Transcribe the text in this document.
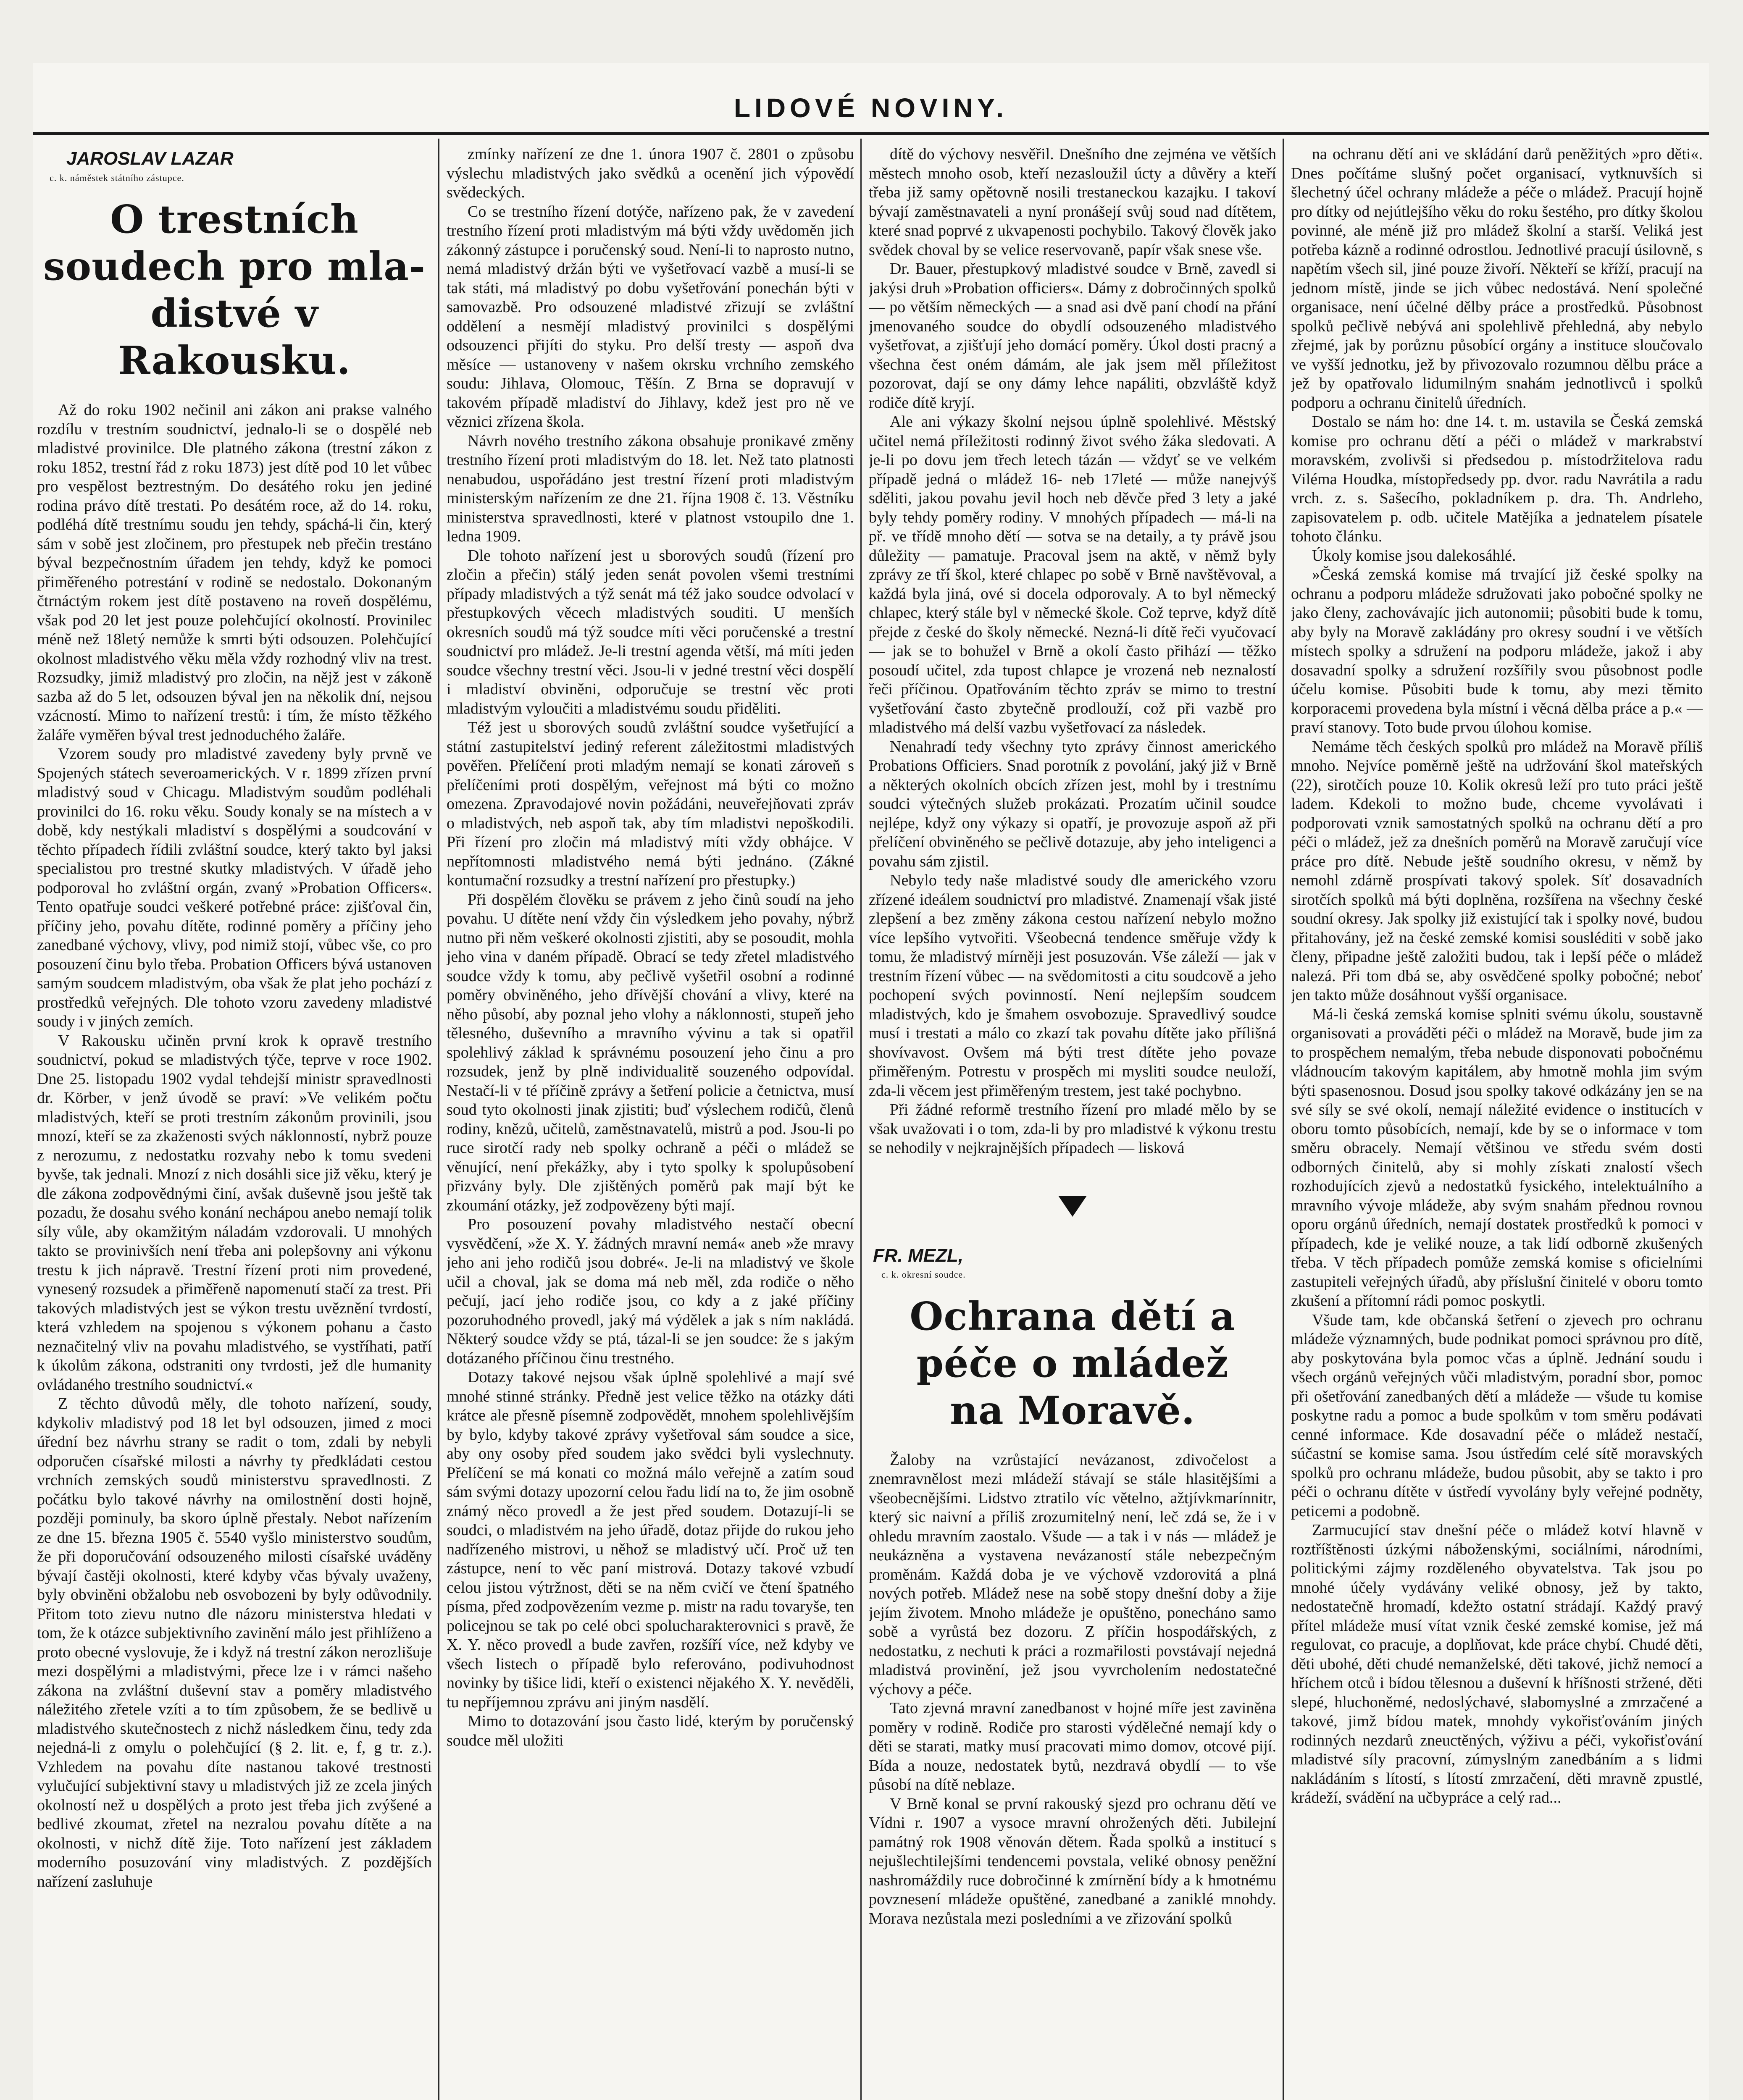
LIDOVÉ NOVINY.
JAROSLAV LAZAR
c. k. náměstek státního zástupce.
O trestních soudech pro mla-
distvé v Rakousku.

Až do roku 1902 nečinil ani zákon ani prakse valného rozdílu v trestním soudnictví, jednalo-li se o dospělé neb mladistvé provinilce. Dle platného zákona (trestní zákon z roku 1852, trestní řád z roku 1873) jest dítě pod 10 let vůbec pro vespělost beztrestným. Do desátého roku jen jediné rodina právo dítě trestati. Po desátém roce, až do 14. roku, podléhá dítě trestnímu soudu jen tehdy, spáchá-li čin, který sám v sobě jest zločinem, pro přestupek neb přečin trestáno býval bezpečnostním úřadem jen tehdy, když ke pomoci přiměřeného potrestání v rodině se nedostalo. Dokonaným čtrnáctým rokem jest dítě postaveno na roveň dospělému, však pod 20 let jest pouze polehčující okolností. Provinilec méně než 18letý nemůže k smrti býti odsouzen. Polehčující okolnost mladistvého věku měla vždy rozhodný vliv na trest. Rozsudky, jimiž mladistvý pro zločin, na nějž jest v zákoně sazba až do 5 let, odsouzen býval jen na několik dní, nejsou vzácností. Mimo to nařízení trestů: i tím, že místo těžkého žaláře vyměřen býval trest jednoduchého žaláře.

Vzorem soudy pro mladistvé zavedeny byly prvně ve Spojených státech severoamerických. V r. 1899 zřízen první mladistvý soud v Chicagu. Mladistvým soudům podléhali provinilci do 16. roku věku. Soudy konaly se na místech a v době, kdy nestýkali mladiství s dospělými a soudcování v těchto případech řídili zvláštní soudce, který takto byl jaksi specialistou pro trestné skutky mladistvých. V úřadě jeho podporoval ho zvláštní orgán, zvaný »Probation Officers«. Tento opatřuje soudci veškeré potřebné práce: zjišťoval čin, příčiny jeho, povahu dítěte, rodinné poměry a příčiny jeho zanedbané výchovy, vlivy, pod nimiž stojí, vůbec vše, co pro posouzení činu bylo třeba. Probation Officers bývá ustanoven samým soudcem mladistvým, oba však že plat jeho pochází z prostředků veřejných. Dle tohoto vzoru zavedeny mladistvé soudy i v jiných zemích.

V Rakousku učiněn první krok k opravě trestního soudnictví, pokud se mladistvých týče, teprve v roce 1902. Dne 25. listopadu 1902 vydal tehdejší ministr spravedlnosti dr. Körber, v jenž úvodě se praví: »Ve velikém počtu mladistvých, kteří se proti trestním zákonům provinili, jsou mnozí, kteří se za zkaženosti svých náklonností, nybrž pouze z nerozumu, z nedostatku rozvahy nebo k tomu svedeni byvše, tak jednali. Mnozí z nich dosáhli sice již věku, který je dle zákona zodpovědnými činí, avšak duševně jsou ještě tak pozadu, že dosahu svého konání nechápou anebo nemají tolik síly vůle, aby okamžitým náladám vzdorovali. U mnohých takto se provinivších není třeba ani polepšovny ani výkonu trestu k jich nápravě. Trestní řízení proti nim provedené, vynesený rozsudek a přiměřeně napomenutí stačí za trest. Při takových mladistvých jest se výkon trestu uvěznění tvrdostí, která vzhledem na spojenou s výkonem pohanu a často neznačitelný vliv na povahu mladistvého, se vystříhati, patří k úkolům zákona, odstraniti ony tvrdosti, jež dle humanity ovládaného trestního soudnictví.«

Z těchto důvodů měly, dle tohoto nařízení, soudy, kdykoliv mladistvý pod 18 let byl odsouzen, jimed z moci úřední bez návrhu strany se radit o tom, zdali by nebyli odporučen císařské milosti a návrhy ty předkládati cestou vrchních zemských soudů ministerstvu spravedlnosti. Z počátku bylo takové návrhy na omilostnění dosti hojně, později pominuly, ba skoro úplně přestaly. Nebot nařízením ze dne 15. března 1905 č. 5540 vyšlo ministerstvo soudům, že při doporučování odsouzeného milosti císařské uváděny bývají častěji okolnosti, které kdyby včas bývaly uvaženy, byly obviněni obžalobu neb osvobozeni by byly odůvodnily. Přitom toto zievu nutno dle názoru ministerstva hledati v tom, že k otázce subjektivního zavinění málo jest přihlíženo a proto obecné vyslovuje, že i když ná trestní zákon nerozlišuje mezi dospělými a mladistvými, přece lze i v rámci našeho zákona na zvláštní duševní stav a poměry mladistvého náležitého zřetele vzíti a to tím způsobem, že se bedlivě u mladistvého skutečnostech z nichž následkem činu, tedy zda nejedná-li z omylu o polehčující (§ 2. lit. e, f, g tr. z.). Vzhledem na povahu díte nastanou takové trestnosti vylučující subjektivní stavy u mladistvých již ze zcela jiných okolností než u dospělých a proto jest třeba jich zvýšené a bedlivé zkoumat, zřetel na nezralou povahu dítěte a na okolnosti, v nichž dítě žije. Toto nařízení jest základem moderního posuzování viny mladistvých. Z pozdějších nařízení zasluhuje

zmínky nařízení ze dne 1. února 1907 č. 2801 o způsobu výslechu mladistvých jako svědků a ocenění jich výpovědí svědeckých.

Co se trestního řízení dotýče, nařízeno pak, že v zavedení trestního řízení proti mladistvým má býti vždy uvědoměn jich zákonný zástupce i poručenský soud. Není-li to naprosto nutno, nemá mladistvý držán býti ve vyšetřovací vazbě a musí-li se tak státi, má mladistvý po dobu vyšetřování ponechán býti v samovazbě. Pro odsouzené mladistvé zřizují se zvláštní oddělení a nesmějí mladistvý provinilci s dospělými odsouzenci přijíti do styku. Pro delší tresty — aspoň dva měsíce — ustanoveny v našem okrsku vrchního zemského soudu: Jihlava, Olomouc, Těšín. Z Brna se dopravují v takovém případě mladiství do Jihlavy, kdež jest pro ně ve věznici zřízena škola.

Návrh nového trestního zákona obsahuje pronikavé změny trestního řízení proti mladistvým do 18. let. Než tato platnosti nenabudou, uspořádáno jest trestní řízení proti mladistvým ministerským nařízením ze dne 21. října 1908 č. 13. Věstníku ministerstva spravedlnosti, které v platnost vstoupilo dne 1. ledna 1909.

Dle tohoto nařízení jest u sborových soudů (řízení pro zločin a přečin) stálý jeden senát povolen všemi trestními případy mladistvých a týž senát má též jako soudce odvolací v přestupkových věcech mladistvých souditi. U menších okresních soudů má týž soudce míti věci poručenské a trestní soudnictví pro mládež. Je-li trestní agenda větší, má míti jeden soudce všechny trestní věci. Jsou-li v jedné trestní věci dospělí i mladiství obviněni, odporučuje se trestní věc proti mladistvým vyloučiti a mladistvému soudu přiděliti.

Též jest u sborových soudů zvláštní soudce vyšetřující a státní zastupitelství jediný referent záležitostmi mladistvých pověřen. Přelíčení proti mladým nemají se konati zároveň s přelíčeními proti dospělým, veřejnost má býti co možno omezena. Zpravodajové novin požádáni, neuveřejňovati zpráv o mladistvých, neb aspoň tak, aby tím mladistvi nepoškodili. Při řízení pro zločin má mladistvý míti vždy obhájce. V nepřítomnosti mladistvého nemá býti jednáno. (Zákné kontumační rozsudky a trestní nařízení pro přestupky.)

Při dospělém člověku se právem z jeho činů soudí na jeho povahu. U dítěte není vždy čin výsledkem jeho povahy, nýbrž nutno při něm veškeré okolnosti zjistiti, aby se posoudit, mohla jeho vina v daném případě. Obrací se tedy zřetel mladistvého soudce vždy k tomu, aby pečlivě vyšetřil osobní a rodinné poměry obviněného, jeho dřívější chování a vlivy, které na něho působí, aby poznal jeho vlohy a náklonnosti, stupeň jeho tělesného, duševního a mravního vývinu a tak si opatřil spolehlivý základ k správnému posouzení jeho činu a pro rozsudek, jenž by plně individualitě souzeného odpovídal. Nestačí-li v té příčině zprávy a šetření policie a četnictva, musí soud tyto okolnosti jinak zjistiti; buď výslechem rodičů, členů rodiny, knězů, učitelů, zaměstnavatelů, mistrů a pod. Jsou-li po ruce sirotčí rady neb spolky ochraně a péči o mládež se věnující, není překážky, aby i tyto spolky k spolupůsobení přizvány byly. Dle zjištěných poměrů pak mají být ke zkoumání otázky, jež zodpovězeny býti mají.

Pro posouzení povahy mladistvého nestačí obecní vysvědčení, »že X. Y. žádných mravní nemá« aneb »že mravy jeho ani jeho rodičů jsou dobré«. Je-li na mladistvý ve škole učil a choval, jak se doma má neb měl, zda rodiče o něho pečují, jací jeho rodiče jsou, co kdy a z jaké příčiny pozoruhodného provedl, jaký má výdělek a jak s ním nakládá. Některý soudce vždy se ptá, tázal-li se jen soudce: že s jakým dotázaného příčinou činu trestného.

Dotazy takové nejsou však úplně spolehlivé a mají své mnohé stinné stránky. Předně jest velice těžko na otázky dáti krátce ale přesně písemně zodpovědět, mnohem spolehlivějším by bylo, kdyby takové zprávy vyšetřoval sám soudce a sice, aby ony osoby před soudem jako svědci byli vyslechnuty. Přelíčení se má konati co možná málo veřejně a zatím soud sám svými dotazy upozorní celou řadu lidí na to, že jim osobně známý něco provedl a že jest před soudem. Dotazují-li se soudci, o mladistvém na jeho úřadě, dotaz přijde do rukou jeho nadřízeného mistrovi, u něhož se mladistvý učí. Proč už ten zástupce, není to věc paní mistrová. Dotazy takové vzbudí celou jistou výtržnost, děti se na něm cvičí ve čtení špatného písma, před zodpovězením vezme p. mistr na radu tovaryše, ten policejnou se tak po celé obci spolucharakterovnici s pravě, že X. Y. něco provedl a bude zavřen, rozšíří více, než kdyby ve všech listech o případě bylo referováno, podivuhodnost novinky by tišice lidi, kteří o existenci nějakého X. Y. nevěděli, tu nepříjemnou zprávu ani jiným nasdělí.

Mimo to dotazování jsou často lidé, kterým by poručenský soudce měl uložiti

dítě do výchovy nesvěřil. Dnešního dne zejména ve větších městech mnoho osob, kteří nezasloužil úcty a důvěry a kteří třeba již samy opětovně nosili trestaneckou kazajku. I takoví bývají zaměstnavateli a nyní pronášejí svůj soud nad dítětem, které snad poprvé z ukvapenosti pochybilo. Takový člověk jako svědek choval by se velice reservovaně, papír však snese vše.

Dr. Bauer, přestupkový mladistvé soudce v Brně, zavedl si jakýsi druh »Probation officiers«. Dámy z dobročinných spolků — po větším německých — a snad asi dvě paní chodí na přání jmenovaného soudce do obydlí odsouzeného mladistvého vyšetřovat, a zjišťují jeho domácí poměry. Úkol dosti pracný a všechna čest oném dámám, ale jak jsem měl příležitost pozorovat, dají se ony dámy lehce napáliti, obzvláště když rodiče dítě kryjí.

Ale ani výkazy školní nejsou úplně spolehlivé. Městský učitel nemá příležitosti rodinný život svého žáka sledovati. A je-li po dovu jem třech letech tázán — vždyť se ve velkém případě jedná o mládež 16- neb 17leté — může nanejvýš sděliti, jakou povahu jevil hoch neb děvče před 3 lety a jaké byly tehdy poměry rodiny. V mnohých případech — má-li na př. ve třídě mnoho dětí — sotva se na detaily, a ty právě jsou důležity — pamatuje. Pracoval jsem na aktě, v němž byly zprávy ze tří škol, které chlapec po sobě v Brně navštěvoval, a každá byla jiná, ové si docela odporovaly. A to byl německý chlapec, který stále byl v německé škole. Což teprve, když dítě přejde z české do školy německé. Nezná-li dítě řeči vyučovací — jak se to bohužel v Brně a okolí často přihází — těžko posoudí učitel, zda tupost chlapce je vrozená neb neznalostí řeči příčinou. Opatřováním těchto zpráv se mimo to trestní vyšetřování často zbytečně prodlouží, což při vazbě pro mladistvého má delší vazbu vyšetřovací za následek.

Nenahradí tedy všechny tyto zprávy činnost amerického Probations Officiers. Snad porotník z povolání, jaký již v Brně a některých okolních obcích zřízen jest, mohl by i trestnímu soudci výtečných služeb prokázati. Prozatím učinil soudce nejlépe, když ony výkazy si opatří, je provozuje aspoň až při přelíčení obviněného se pečlivě dotazuje, aby jeho inteligenci a povahu sám zjistil.

Nebylo tedy naše mladistvé soudy dle amerického vzoru zřízené ideálem soudnictví pro mladistvé. Znamenají však jisté zlepšení a bez změny zákona cestou nařízení nebylo možno více lepšího vytvořiti. Všeobecná tendence směřuje vždy k tomu, že mladistvý mírněji jest posuzován. Vše záleží — jak v trestním řízení vůbec — na svědomitosti a citu soudcově a jeho pochopení svých povinností. Není nejlepším soudcem mladistvých, kdo je šmahem osvobozuje. Spravedlivý soudce musí i trestati a málo co zkazí tak povahu dítěte jako přílišná shovívavost. Ovšem má býti trest dítěte jeho povaze přiměřeným. Potrestu v prospěch mi mysliti soudce neuloží, zda-li věcem jest přiměřeným trestem, jest také pochybno.

Při žádné reformě trestního řízení pro mladé mělo by se však uvažovati i o tom, zda-li by pro mladistvé k výkonu trestu se nehodily v nejkrajnějších případech — lisková

FR. MEZL,
c. k. okresní soudce.
Ochrana dětí a péče o mládež
na Moravě.

Žaloby na vzrůstající nevázanost, zdivočelost a znemravnělost mezi mládeží stávají se stále hlasitějšími a všeobecnějšími. Lidstvo ztratilo víc větelno, ažtjívkmarínnitr, který sic naivní a příliš zrozumitelný není, leč zdá se, že i v ohledu mravním zaostalo. Všude — a tak i v nás — mládež je neukázněna a vystavena nevázaností stále nebezpečným proměnám. Každá doba je ve výchově vzdorovitá a plná nových potřeb. Mládež nese na sobě stopy dnešní doby a žije jejím životem. Mnoho mládeže je opuštěno, ponecháno samo sobě a vyrůstá bez dozoru. Z příčin hospodářských, z nedostatku, z nechuti k práci a rozmařilosti povstávají nejedná mladistvá provinění, jež jsou vyvrcholením nedostatečné výchovy a péče.

Tato zjevná mravní zanedbanost v hojné míře jest zaviněna poměry v rodině. Rodiče pro starosti výdělečné nemají kdy o děti se starati, matky musí pracovati mimo domov, otcové pijí. Bída a nouze, nedostatek bytů, nezdravá obydlí — to vše působí na dítě neblaze.

V Brně konal se první rakouský sjezd pro ochranu dětí ve Vídni r. 1907 a vysoce mravní ohrožených děti. Jubilejní památný rok 1908 věnován dětem. Řada spolků a institucí s nejušlechtilejšími tendencemi povstala, veliké obnosy peněžní nashromáždily ruce dobročinné k zmírnění bídy a k hmotnému povznesení mládeže opuštěné, zanedbané a zaniklé mnohdy. Morava nezůstala mezi posledními a ve zřizování spolků

na ochranu dětí ani ve skládání darů peněžitých »pro děti«. Dnes počítáme slušný počet organisací, vytknuvších si šlechetný účel ochrany mládeže a péče o mládež. Pracují hojně pro dítky od nejútlejšího věku do roku šestého, pro dítky školou povinné, ale méně již pro mládež školní a starší. Veliká jest potřeba kázně a rodinné odrostlou. Jednotlivé pracují úsilovně, s napětím všech sil, jiné pouze živoří. Někteří se kříží, pracují na jednom místě, jinde se jich vůbec nedostává. Není společné organisace, není účelné dělby práce a prostředků. Působnost spolků pečlivě nebývá ani spolehlivě přehledná, aby nebylo zřejmé, jak by porůznu působící orgány a instituce sloučovalo ve vyšší jednotku, jež by přivozovalo rozumnou dělbu práce a jež by opatřovalo lidumilným snahám jednotlivců i spolků podporu a ochranu činitelů úředních.

Dostalo se nám ho: dne 14. t. m. ustavila se Česká zemská komise pro ochranu dětí a péči o mládež v markrabství moravském, zvolivši si předsedou p. místodržitelova radu Viléma Houdka, místopředsedy pp. dvor. radu Navrátila a radu vrch. z. s. Sašecího, pokladníkem p. dra. Th. Andrleho, zapisovatelem p. odb. učitele Matějíka a jednatelem písatele tohoto článku.

Úkoly komise jsou dalekosáhlé.

»Česká zemská komise má trvající již české spolky na ochranu a podporu mládeže sdružovati jako pobočné spolky ne jako členy, zachovávajíc jich autonomii; působiti bude k tomu, aby byly na Moravě zakládány pro okresy soudní i ve větších místech spolky a sdružení na podporu mládeže, jakož i aby dosavadní spolky a sdružení rozšířily svou působnost podle účelu komise. Působiti bude k tomu, aby mezi těmito korporacemi provedena byla místní i věcná dělba práce a p.« — praví stanovy. Toto bude prvou úlohou komise.

Nemáme těch českých spolků pro mládež na Moravě příliš mnoho. Nejvíce poměrně ještě na udržování škol mateřských (22), sirotčích pouze 10. Kolik okresů leží pro tuto práci ještě ladem. Kdekoli to možno bude, chceme vyvolávati i podporovati vznik samostatných spolků na ochranu dětí a pro péči o mládež, jež za dnešních poměrů na Moravě zaručují více práce pro dítě. Nebude ještě soudního okresu, v němž by nemohl zdárně prospívati takový spolek. Síť dosavadních sirotčích spolků má býti doplněna, rozšířena na všechny české soudní okresy. Jak spolky již existující tak i spolky nové, budou přitahovány, jež na české zemské komisi sousléditi v sobě jako členy, připadne ještě založiti budou, tak i lepší péče o mládež nalezá. Při tom dbá se, aby osvědčené spolky pobočné; neboť jen takto může dosáhnout vyšší organisace.

Má-li česká zemská komise splniti svému úkolu, soustavně organisovati a prováděti péči o mládež na Moravě, bude jim za to prospěchem nemalým, třeba nebude disponovati pobočnému vládnoucím takovým kapitálem, aby hmotně mohla jim svým býti spasenosnou. Dosud jsou spolky takové odkázány jen se na své síly se své okolí, nemají náležité evidence o institucích v oboru tomto působících, nemají, kde by se o informace v tom směru obracely. Nemají většinou ve středu svém dosti odborných činitelů, aby si mohly získati znalostí všech rozhodujících zjevů a nedostatků fysického, intelektuálního a mravního vývoje mládeže, aby svým snahám přednou rovnou oporu orgánů úředních, nemají dostatek prostředků k pomoci v případech, kde je veliké nouze, a tak lidí odborně zkušených třeba. V těch případech pomůže zemská komise s oficielními zastupiteli veřejných úřadů, aby příslušní činitelé v oboru tomto zkušení a přítomní rádi pomoc poskytli.

Všude tam, kde občanská šetření o zjevech pro ochranu mládeže významných, bude podnikat pomoci správnou pro dítě, aby poskytována byla pomoc včas a úplně. Jednání soudu i všech orgánů veřejných vůči mladistvým, poradní sbor, pomoc při ošetřování zanedbaných dětí a mládeže — všude tu komise poskytne radu a pomoc a bude spolkům v tom směru podávati cenné informace. Kde dosavadní péče o mládež nestačí, súčastní se komise sama. Jsou ústředím celé sítě moravských spolků pro ochranu mládeže, budou působit, aby se takto i pro péči o ochranu dítěte v ústředí vyvolány byly veřejné podněty, peticemi a podobně.

Zarmucující stav dnešní péče o mládež kotví hlavně v roztříštěnosti úzkými náboženskými, sociálními, národními, politickými zájmy rozděleného obyvatelstva. Tak jsou po mnohé účely vydávány veliké obnosy, jež by takto, nedostatečně hromadí, kdežto ostatní strádají. Každý pravý přítel mládeže musí vítat vznik české zemské komise, jež má regulovat, co pracuje, a doplňovat, kde práce chybí. Chudé děti, děti ubohé, děti chudé nemanželské, děti takové, jichž nemocí a hříchem otců i bídou tělesnou a duševní k hříšnosti stržené, děti slepé, hluchoněmé, nedoslýchavé, slabomyslné a zmrzačené a takové, jimž bídou matek, mnohdy vykořisťováním jiných rodinných nezdarů zneuctěných, výživu a péči, vykořisťování mladistvé síly pracovní, zúmyslným zanedbáním a s lidmi nakládáním s lítostí, s lítostí zmrzačení, děti mravně zpustlé, krádeží, svádění na učbypráce a celý rad...
